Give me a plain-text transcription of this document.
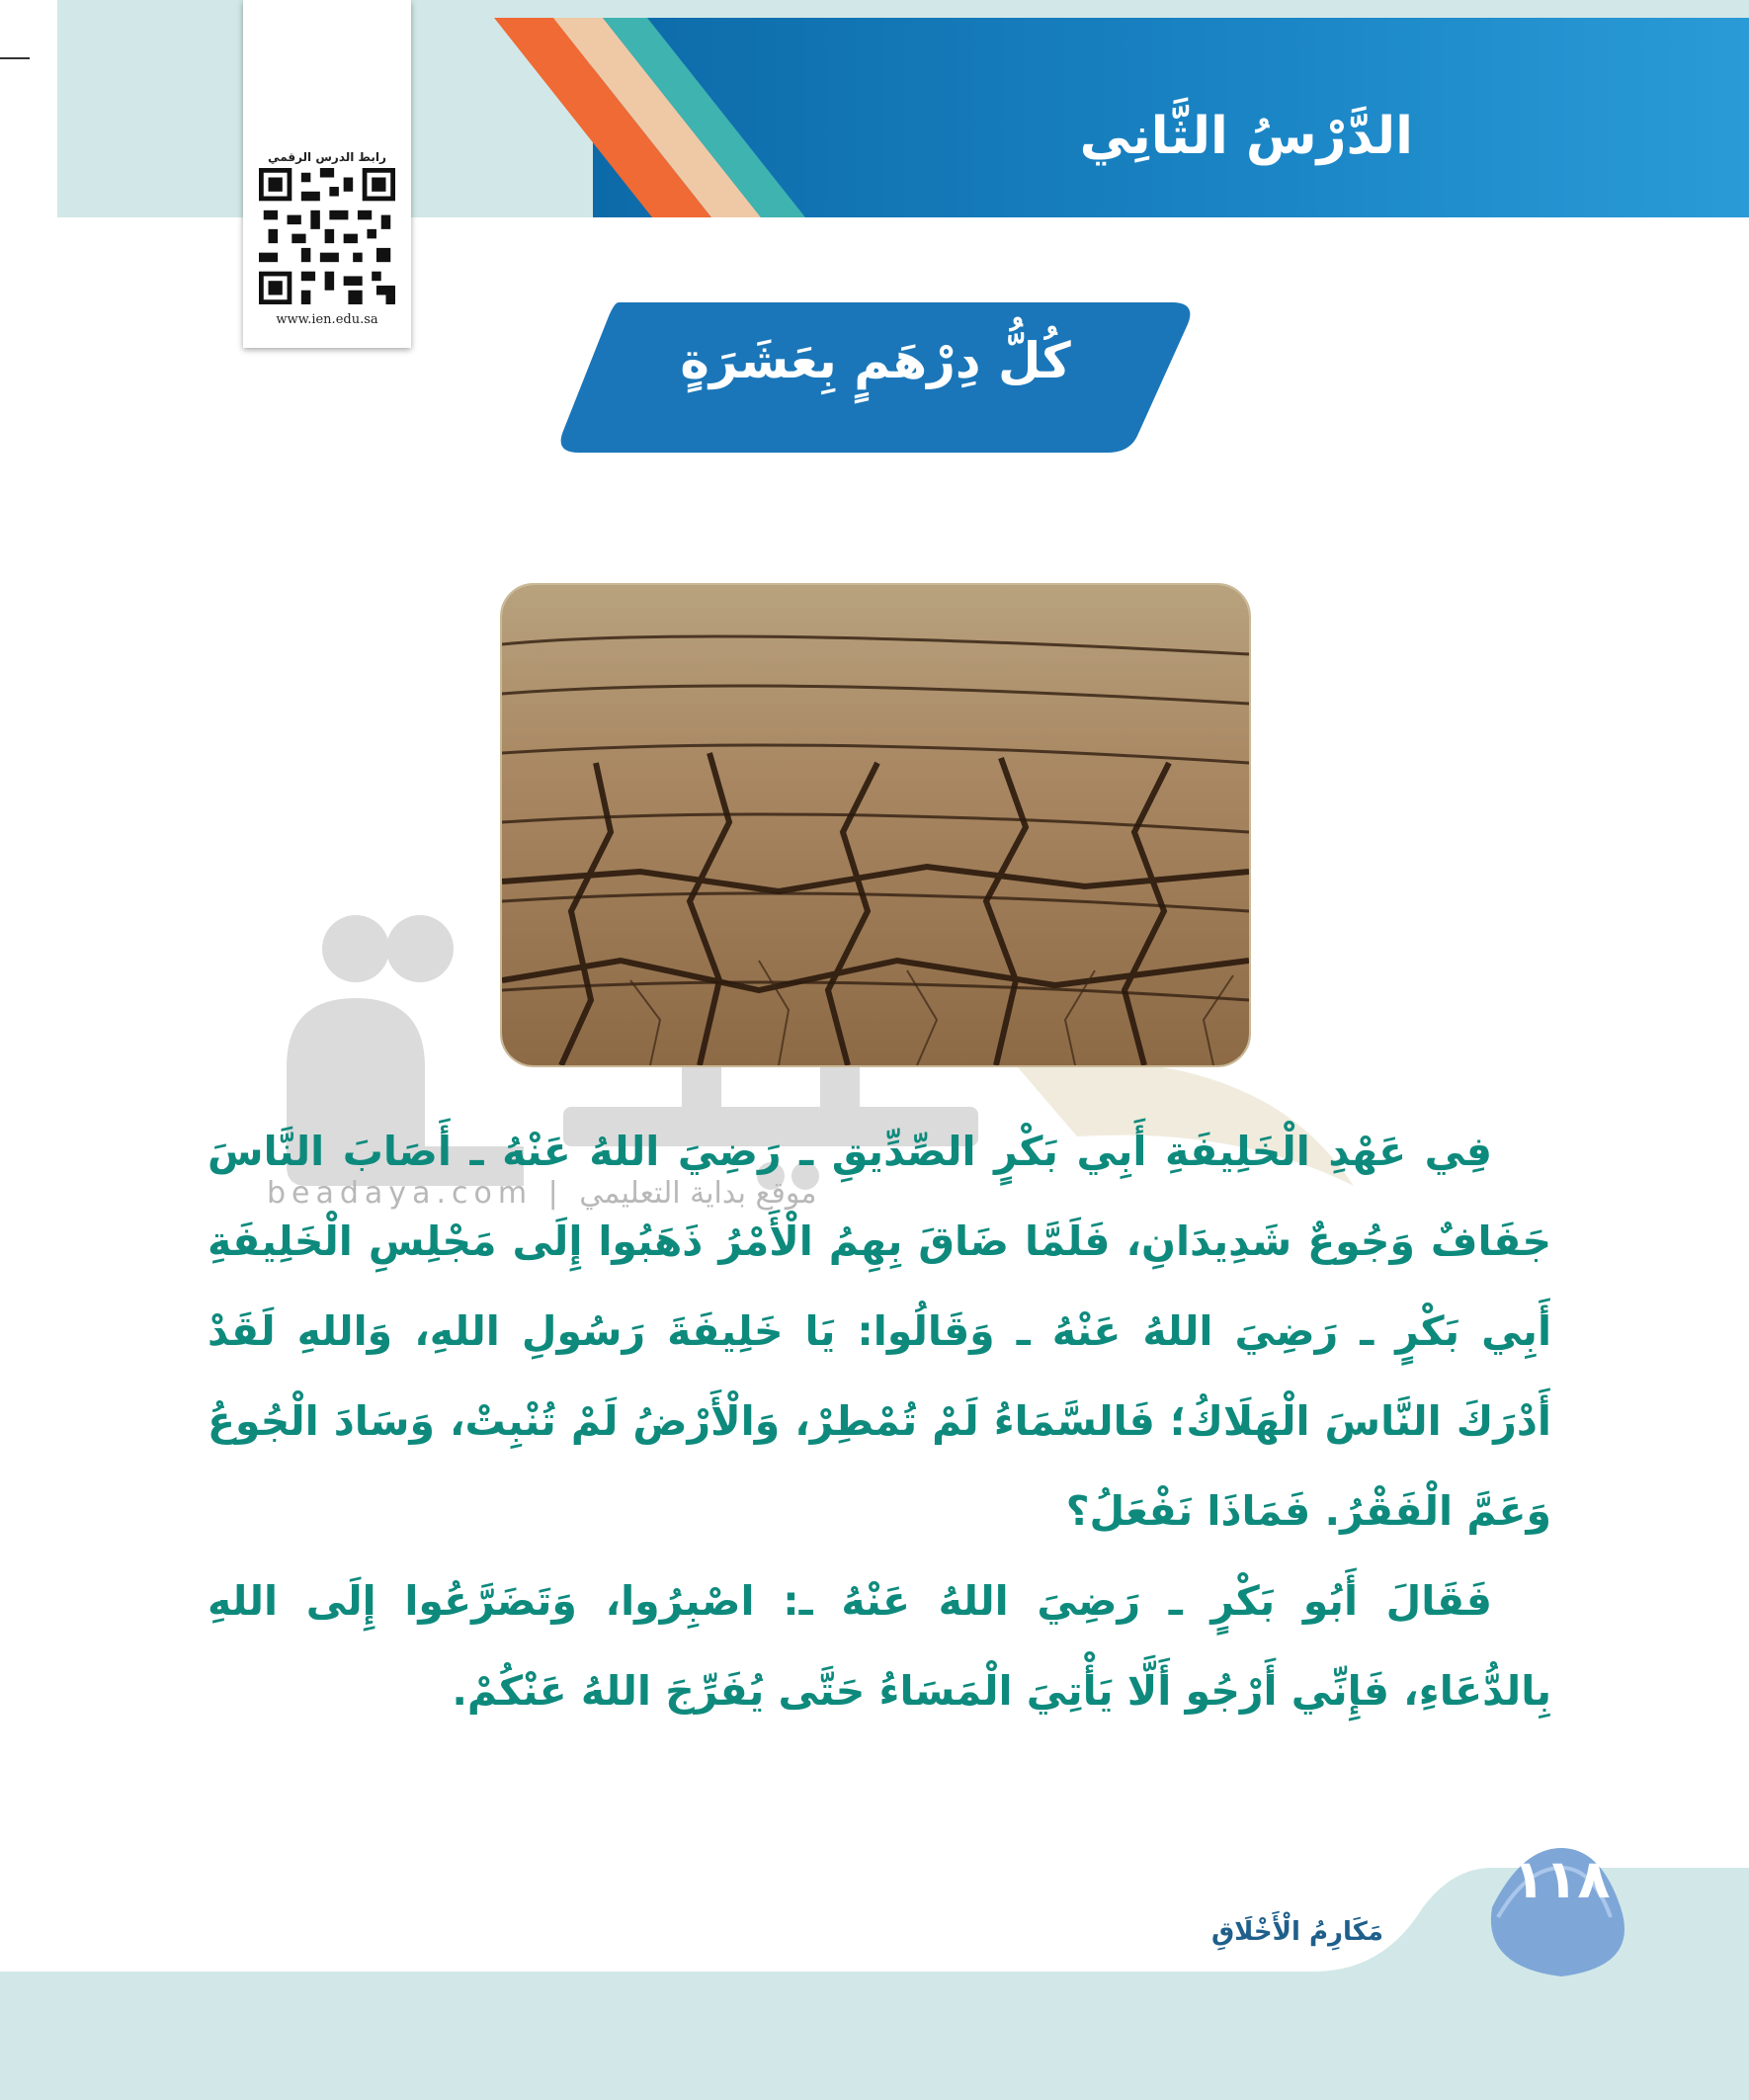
الدَّرْسُ الثَّانِي
رابط الدرس الرقمي
www.ien.edu.sa
كُلُّ دِرْهَمٍ بِعَشَرَةٍ
beadaya.com | موقع بداية التعليمي

فِي عَهْدِ الْخَلِيفَةِ أَبِي بَكْرٍ الصِّدِّيقِ ـ رَضِيَ اللهُ عَنْهُ ـ أَصَابَ النَّاسَ جَفَافٌ وَجُوعٌ شَدِيدَانِ، فَلَمَّا ضَاقَ بِهِمُ الْأَمْرُ ذَهَبُوا إِلَى مَجْلِسِ الْخَلِيفَةِ أَبِي بَكْرٍ ـ رَضِيَ اللهُ عَنْهُ ـ وَقَالُوا: يَا خَلِيفَةَ رَسُولِ اللهِ، وَاللهِ لَقَدْ أَدْرَكَ النَّاسَ الْهَلَاكُ؛ فَالسَّمَاءُ لَمْ تُمْطِرْ، وَالْأَرْضُ لَمْ تُنْبِتْ، وَسَادَ الْجُوعُ وَعَمَّ الْفَقْرُ. فَمَاذَا نَفْعَلُ؟

فَقَالَ أَبُو بَكْرٍ ـ رَضِيَ اللهُ عَنْهُ ـ: اصْبِرُوا، وَتَضَرَّعُوا إِلَى اللهِ بِالدُّعَاءِ، فَإِنِّي أَرْجُو أَلَّا يَأْتِيَ الْمَسَاءُ حَتَّى يُفَرِّجَ اللهُ عَنْكُمْ.

١١٨
مَكَارِمُ الْأَخْلَاقِ
